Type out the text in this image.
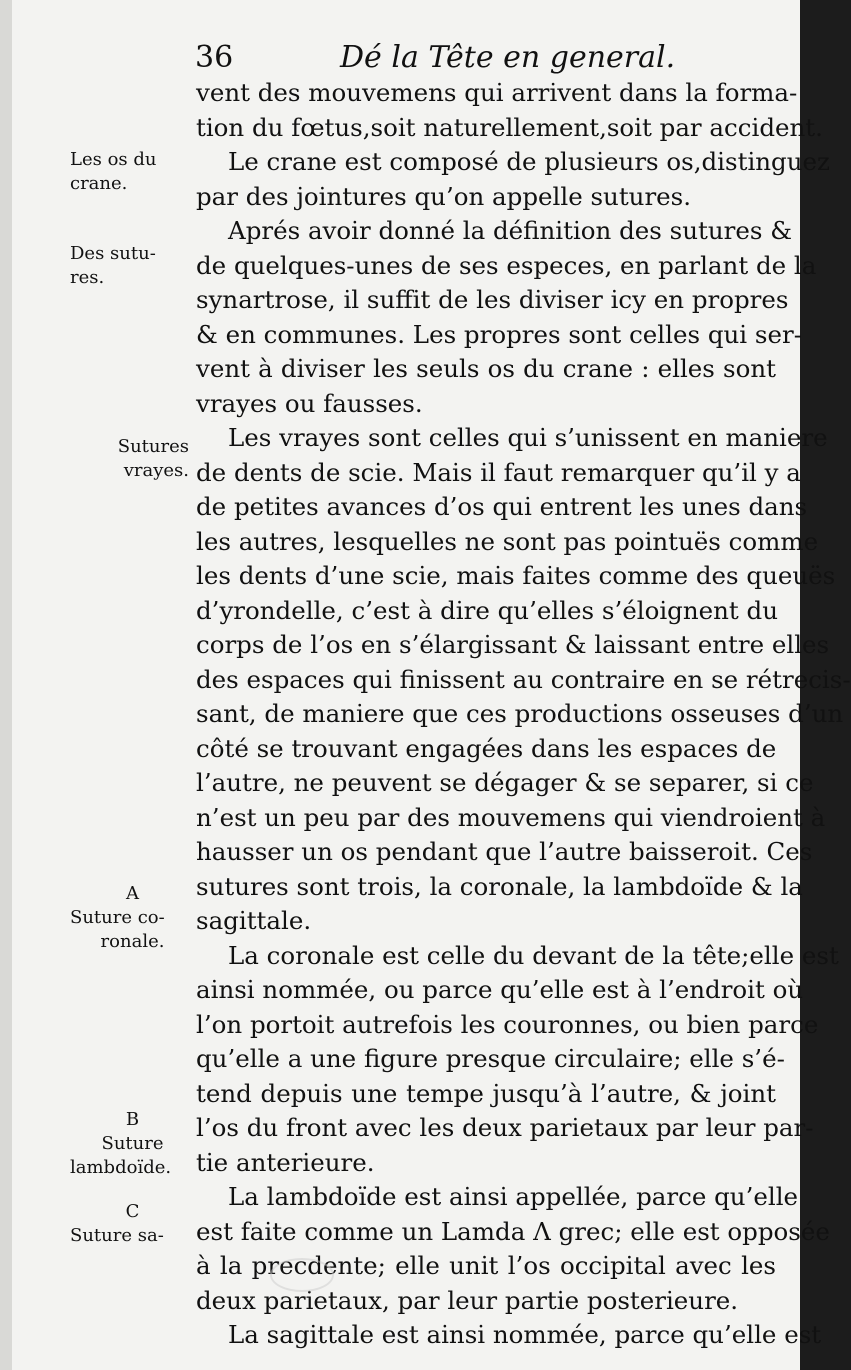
36	Dé la Tête en general.
vent des mouvemens qui arrivent dans la forma-
tion du fœtus,soit naturellement,soit par accident.
Le crane est composé de plusieurs os,distinguez
par des jointures qu’on appelle sutures.
Aprés avoir donné la définition des sutures &
de quelques-unes de ses especes, en parlant de la
synartrose, il suffit de les diviser icy en propres
& en communes. Les propres sont celles qui ser-
vent à diviser les seuls os du crane : elles sont
vrayes ou fausses.
Les vrayes sont celles qui s’unissent en maniere
de dents de scie. Mais il faut remarquer qu’il y a
de petites avances d’os qui entrent les unes dans
les autres, lesquelles ne sont pas pointuës comme
les dents d’une scie, mais faites comme des queuës
d’yrondelle, c’est à dire qu’elles s’éloignent du
corps de l’os en s’élargissant & laissant entre elles
des espaces qui finissent au contraire en se rétrecis-
sant, de maniere que ces productions osseuses d’un
côté se trouvant engagées dans les espaces de
l’autre, ne peuvent se dégager & se separer, si ce
n’est un peu par des mouvemens qui viendroient à
hausser un os pendant que l’autre baisseroit. Ces
sutures sont trois, la coronale, la lambdoïde & la
sagittale.
La coronale est celle du devant de la tête;elle est
ainsi nommée, ou parce qu’elle est à l’endroit où
l’on portoit autrefois les couronnes, ou bien parce
qu’elle a une figure presque circulaire; elle s’é-
tend depuis une tempe jusqu’à l’autre, & joint
l’os du front avec les deux parietaux par leur par-
tie anterieure.
La lambdoïde est ainsi appellée, parce qu’elle
est faite comme un Lamda Λ grec; elle est opposée
à la precdente; elle unit l’os occipital avec les
deux parietaux, par leur partie posterieure.
La sagittale est ainsi nommée, parce qu’elle est
Les os du
crane.
Des sutu-
res.
Sutures
vrayes.
A
Suture co-
ronale.
B
Suture
lambdoïde.
C
Suture sa-
